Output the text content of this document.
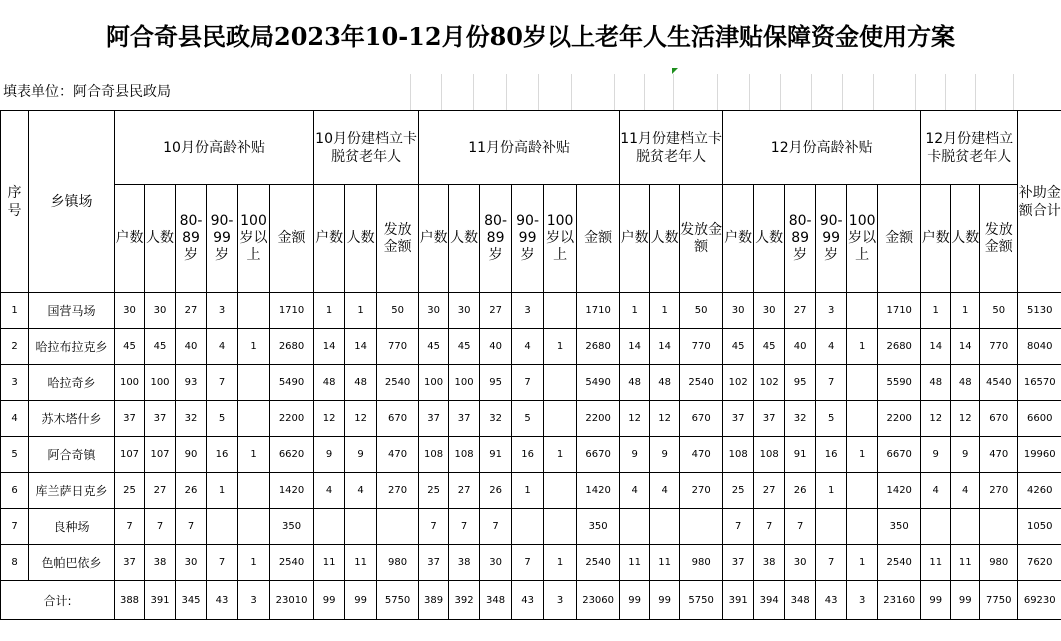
阿合奇县民政局2023年10-12月份80岁以上老年人生活津贴保障资金使用方案
填表单位：阿合奇县民政局
序号	乡镇场	10月份高龄补贴						10月份建档立卡脱贫老年人			11月份高龄补贴						11月份建档立卡脱贫老年人			12月份高龄补贴						12月份建档立卡脱贫老年人			补助金额合计
		户数	人数	80-89岁	90-99岁	100岁以上	金额	户数	人数	发放金额	户数	人数	80-89岁	90-99岁	100岁以上	金额	户数	人数	发放金额	户数	人数	80-89岁	90-99岁	100岁以上	金额	户数	人数	发放金额	
1	国营马场	30	30	27	3		1710	1	1	50	30	30	27	3		1710	1	1	50	30	30	27	3		1710	1	1	50	5130
2	哈拉布拉克乡	45	45	40	4	1	2680	14	14	770	45	45	40	4	1	2680	14	14	770	45	45	40	4	1	2680	14	14	770	8040
3	哈拉奇乡	100	100	93	7		5490	48	48	2540	100	100	95	7		5490	48	48	2540	102	102	95	7		5590	48	48	4540	16570
4	苏木塔什乡	37	37	32	5		2200	12	12	670	37	37	32	5		2200	12	12	670	37	37	32	5		2200	12	12	670	6600
5	阿合奇镇	107	107	90	16	1	6620	9	9	470	108	108	91	16	1	6670	9	9	470	108	108	91	16	1	6670	9	9	470	19960
6	库兰萨日克乡	25	27	26	1		1420	4	4	270	25	27	26	1		1420	4	4	270	25	27	26	1		1420	4	4	270	4260
7	良种场	7	7	7			350				7	7	7			350				7	7	7			350				1050
8	色帕巴依乡	37	38	30	7	1	2540	11	11	980	37	38	30	7	1	2540	11	11	980	37	38	30	7	1	2540	11	11	980	7620
合计:		388	391	345	43	3	23010	99	99	5750	389	392	348	43	3	23060	99	99	5750	391	394	348	43	3	23160	99	99	7750	69230
